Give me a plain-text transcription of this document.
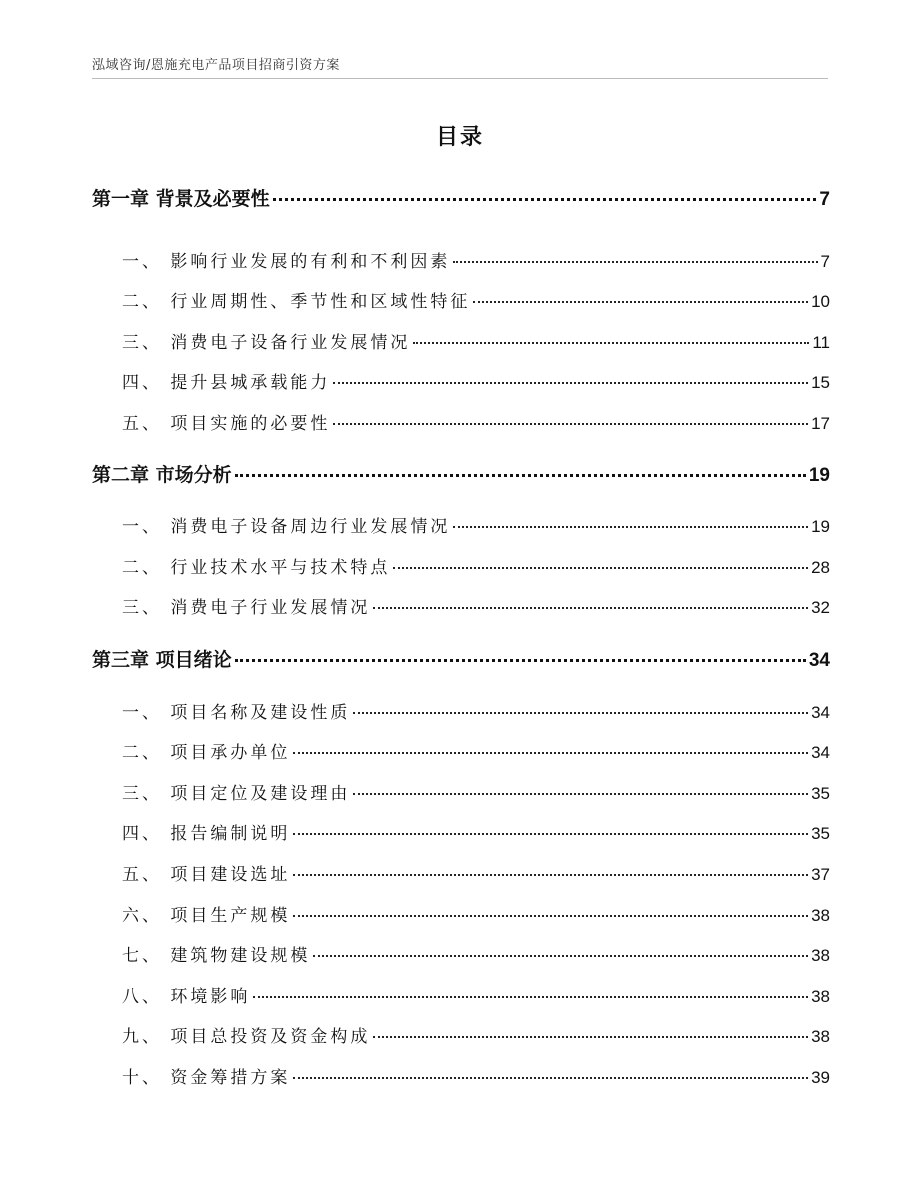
泓域咨询/恩施充电产品项目招商引资方案
目录
第一章 背景及必要性	7
一、 影响行业发展的有利和不利因素	7
二、 行业周期性、季节性和区域性特征	10
三、 消费电子设备行业发展情况	11
四、 提升县城承载能力	15
五、 项目实施的必要性	17
第二章 市场分析	19
一、 消费电子设备周边行业发展情况	19
二、 行业技术水平与技术特点	28
三、 消费电子行业发展情况	32
第三章 项目绪论	34
一、 项目名称及建设性质	34
二、 项目承办单位	34
三、 项目定位及建设理由	35
四、 报告编制说明	35
五、 项目建设选址	37
六、 项目生产规模	38
七、 建筑物建设规模	38
八、 环境影响	38
九、 项目总投资及资金构成	38
十、 资金筹措方案	39
